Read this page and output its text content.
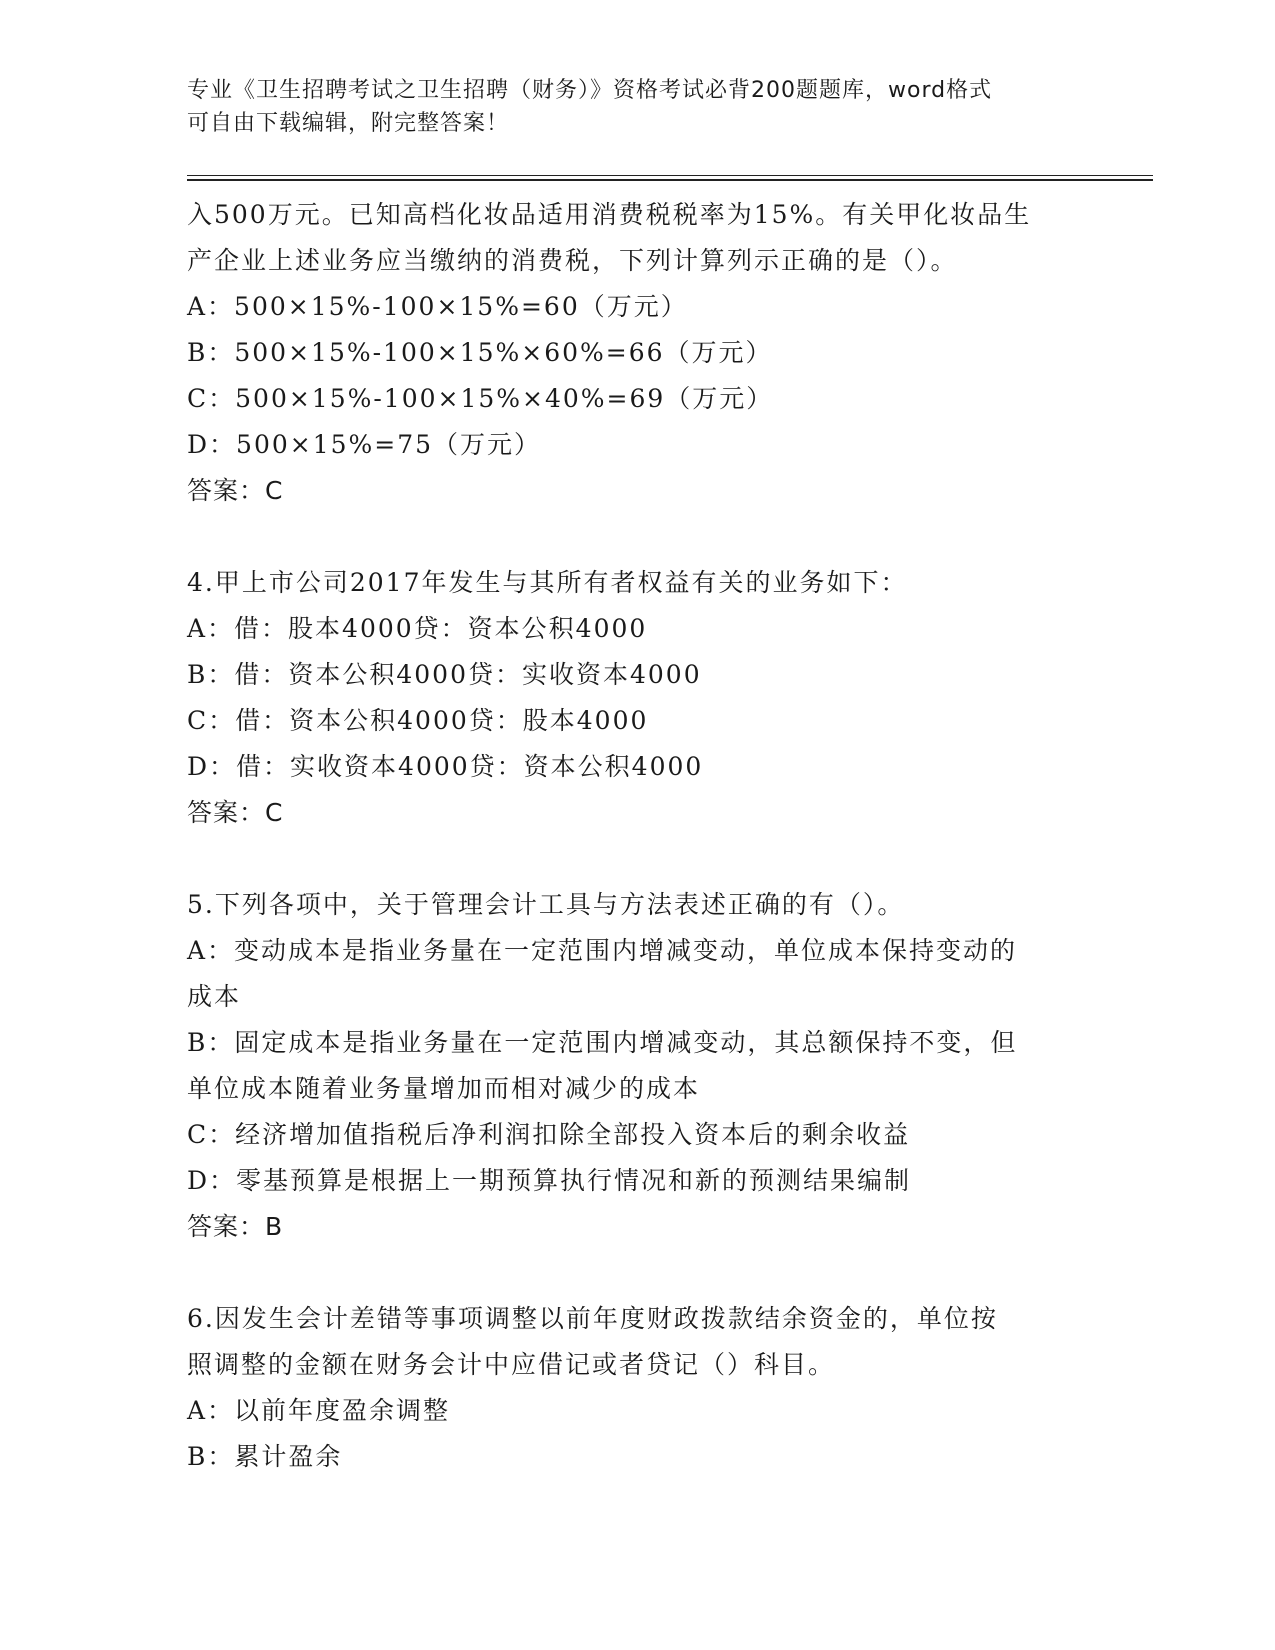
专业《卫生招聘考试之卫生招聘（财务）》资格考试必背200题题库，word格式
可自由下载编辑，附完整答案！
入500万元。已知高档化妆品适用消费税税率为15%。有关甲化妆品生
产企业上述业务应当缴纳的消费税，下列计算列示正确的是（）。
A：500×15%-100×15%=60（万元）
B：500×15%-100×15%×60%=66（万元）
C：500×15%-100×15%×40%=69（万元）
D：500×15%=75（万元）
答案：C
4.甲上市公司2017年发生与其所有者权益有关的业务如下：
A：借：股本4000贷：资本公积4000
B：借：资本公积4000贷：实收资本4000
C：借：资本公积4000贷：股本4000
D：借：实收资本4000贷：资本公积4000
答案：C
5.下列各项中，关于管理会计工具与方法表述正确的有（）。
A：变动成本是指业务量在一定范围内增减变动，单位成本保持变动的
成本
B：固定成本是指业务量在一定范围内增减变动，其总额保持不变，但
单位成本随着业务量增加而相对减少的成本
C：经济增加值指税后净利润扣除全部投入资本后的剩余收益
D：零基预算是根据上一期预算执行情况和新的预测结果编制
答案：B
6.因发生会计差错等事项调整以前年度财政拨款结余资金的，单位按
照调整的金额在财务会计中应借记或者贷记（）科目。
A：以前年度盈余调整
B：累计盈余
